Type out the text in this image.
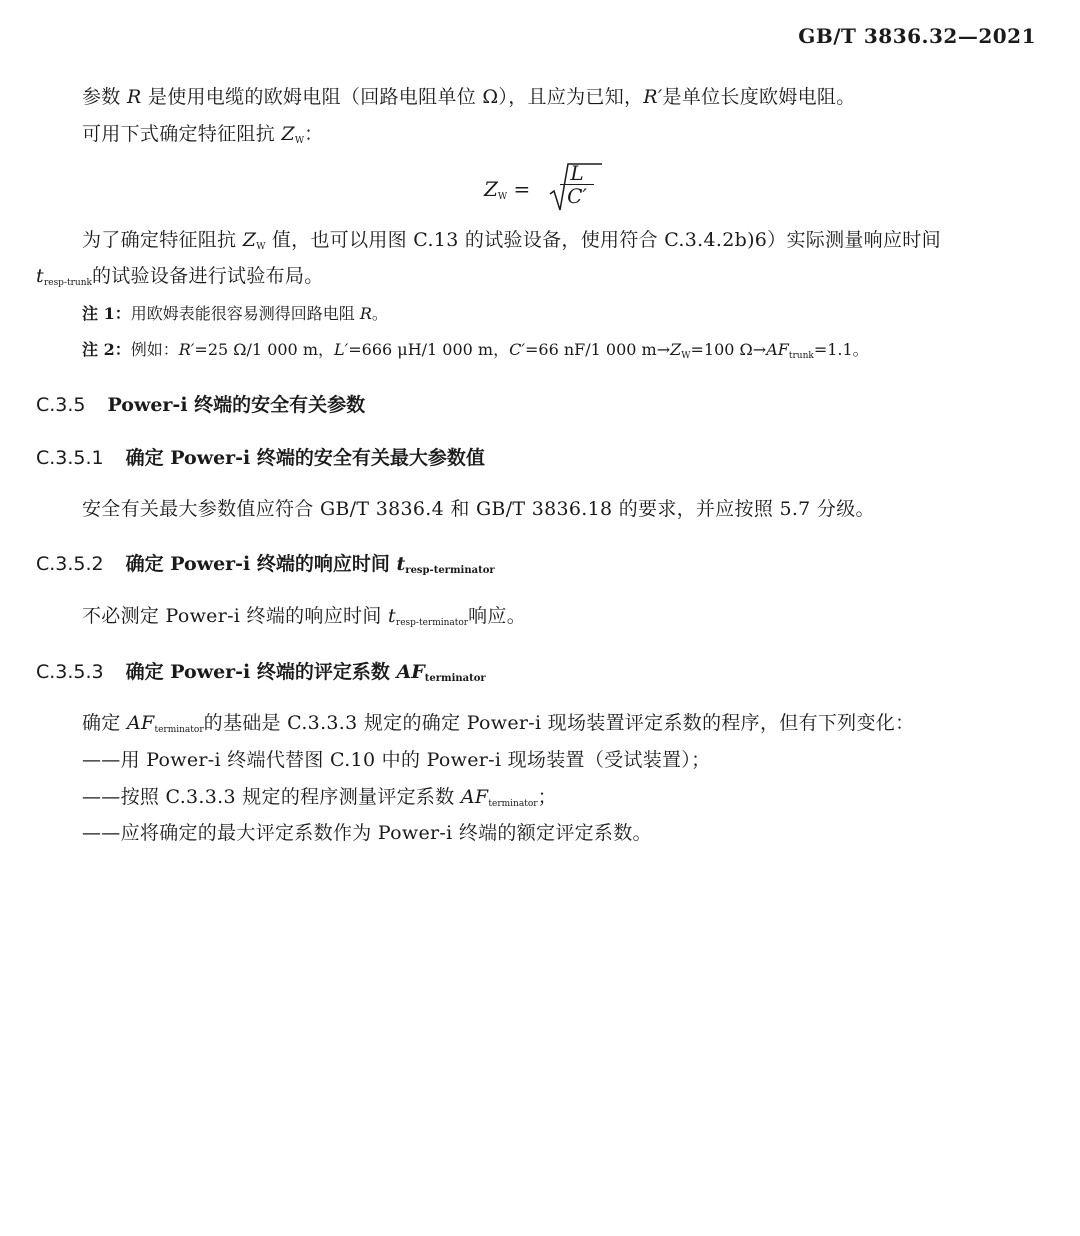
GB/T 3836.32—2021
参数 R 是使用电缆的欧姆电阻（回路电阻单位 Ω），且应为已知，R′是单位长度欧姆电阻。
可用下式确定特征阻抗 ZW：
ZW = $\frac{L}{C'}$
为了确定特征阻抗 ZW 值，也可以用图 C.13 的试验设备，使用符合 C.3.4.2b)6）实际测量响应时间
tresp-trunk的试验设备进行试验布局。
注 1：用欧姆表能很容易测得回路电阻 R。
注 2：例如：R′=25 Ω/1 000 m，L′=666 μH/1 000 m，C′=66 nF/1 000 m→ZW=100 Ω→AFtrunk=1.1。
C.3.5 Power-i 终端的安全有关参数
C.3.5.1 确定 Power-i 终端的安全有关最大参数值
安全有关最大参数值应符合 GB/T 3836.4 和 GB/T 3836.18 的要求，并应按照 5.7 分级。
C.3.5.2 确定 Power-i 终端的响应时间 $t_{resp-terminator}$
不必测定 Power-i 终端的响应时间 tresp-terminator响应。
C.3.5.3 确定 Power-i 终端的评定系数 $AF_{terminator}$
确定 AFterminator的基础是 C.3.3.3 规定的确定 Power-i 现场装置评定系数的程序，但有下列变化：
——用 Power-i 终端代替图 C.10 中的 Power-i 现场装置（受试装置）；
——按照 C.3.3.3 规定的程序测量评定系数 AFterminator；
——应将确定的最大评定系数作为 Power-i 终端的额定评定系数。
